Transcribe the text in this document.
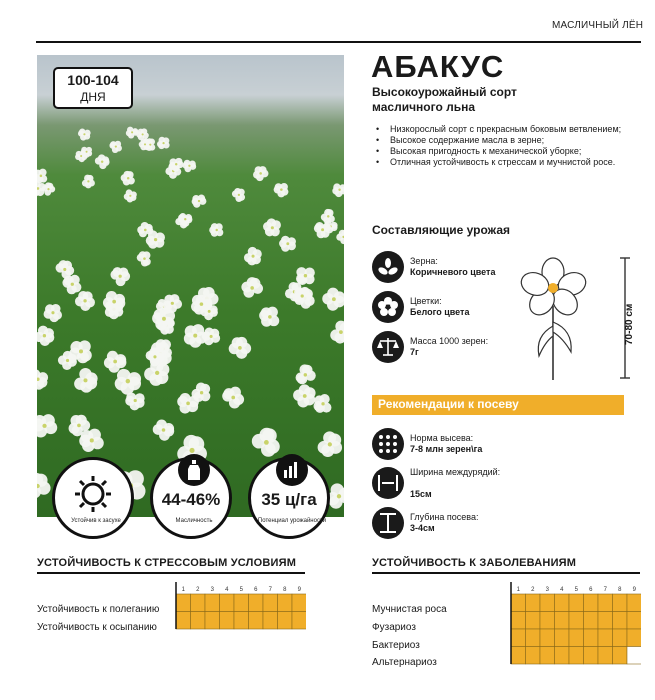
МАСЛИЧНЫЙ ЛЁН
100-104
ДНЯ
Устойчив к засухе
44-46%
Масличность
35 ц/га
Потенциал урожайности
АБАКУС
Высокоурожайный сорт масличного льна
• Низкорослый сорт с прекрасным боковым ветвлением;
• Высокое содержание масла в зерне;
• Высокая пригодность к механической уборке;
• Отличная устойчивость к стрессам и мучнистой росе.
Составляющие урожая
Зерна:
Коричневого цвета
Цветки:
Белого цвета
Масса 1000 зерен:
7г
70-80 см
Рекомендации к посеву
Норма высева:
7-8 млн зерен\га
Ширина междурядий:
15см
Глубина посева:
3-4см
УСТОЙЧИВОСТЬ К СТРЕССОВЫМ УСЛОВИЯМ
Устойчивость к полеганию
Устойчивость к осыпанию
1 2 3 4 5 6 7 8 9
УСТОЙЧИВОСТЬ К ЗАБОЛЕВАНИЯМ
Мучнистая роса
Фузариоз
Бактериоз
Альтернариоз
1 2 3 4 5 6 7 8 9
